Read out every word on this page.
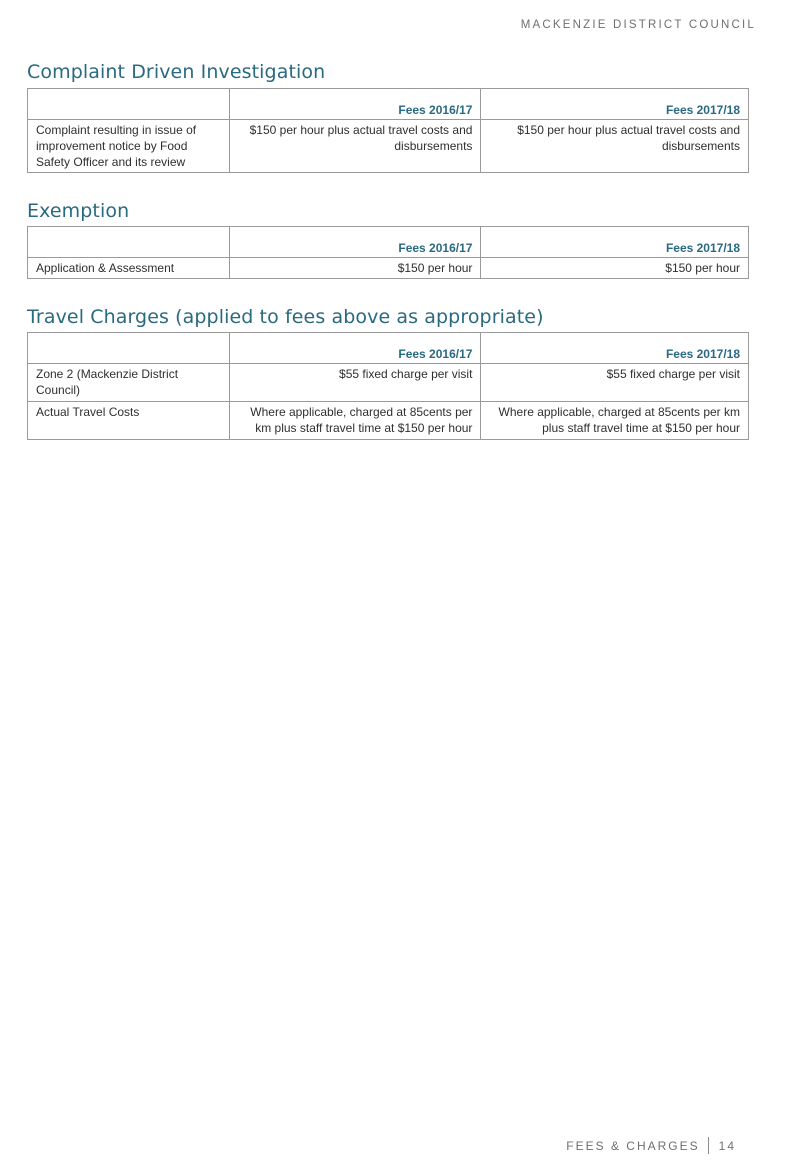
MACKENZIE DISTRICT COUNCIL
Complaint Driven Investigation
	Fees 2016/17	Fees 2017/18
Complaint resulting in issue of improvement notice by Food Safety Officer and its review	$150 per hour plus actual travel costs and disbursements	$150 per hour plus actual travel costs and disbursements
Exemption
	Fees 2016/17	Fees 2017/18
Application & Assessment	$150 per hour	$150 per hour
Travel Charges (applied to fees above as appropriate)
	Fees 2016/17	Fees 2017/18
Zone 2 (Mackenzie District Council)	$55 fixed charge per visit	$55 fixed charge per visit
Actual Travel Costs	Where applicable, charged at 85cents per km plus staff travel time at $150 per hour	Where applicable, charged at 85cents per km plus staff travel time at $150 per hour
FEES & CHARGES 14
